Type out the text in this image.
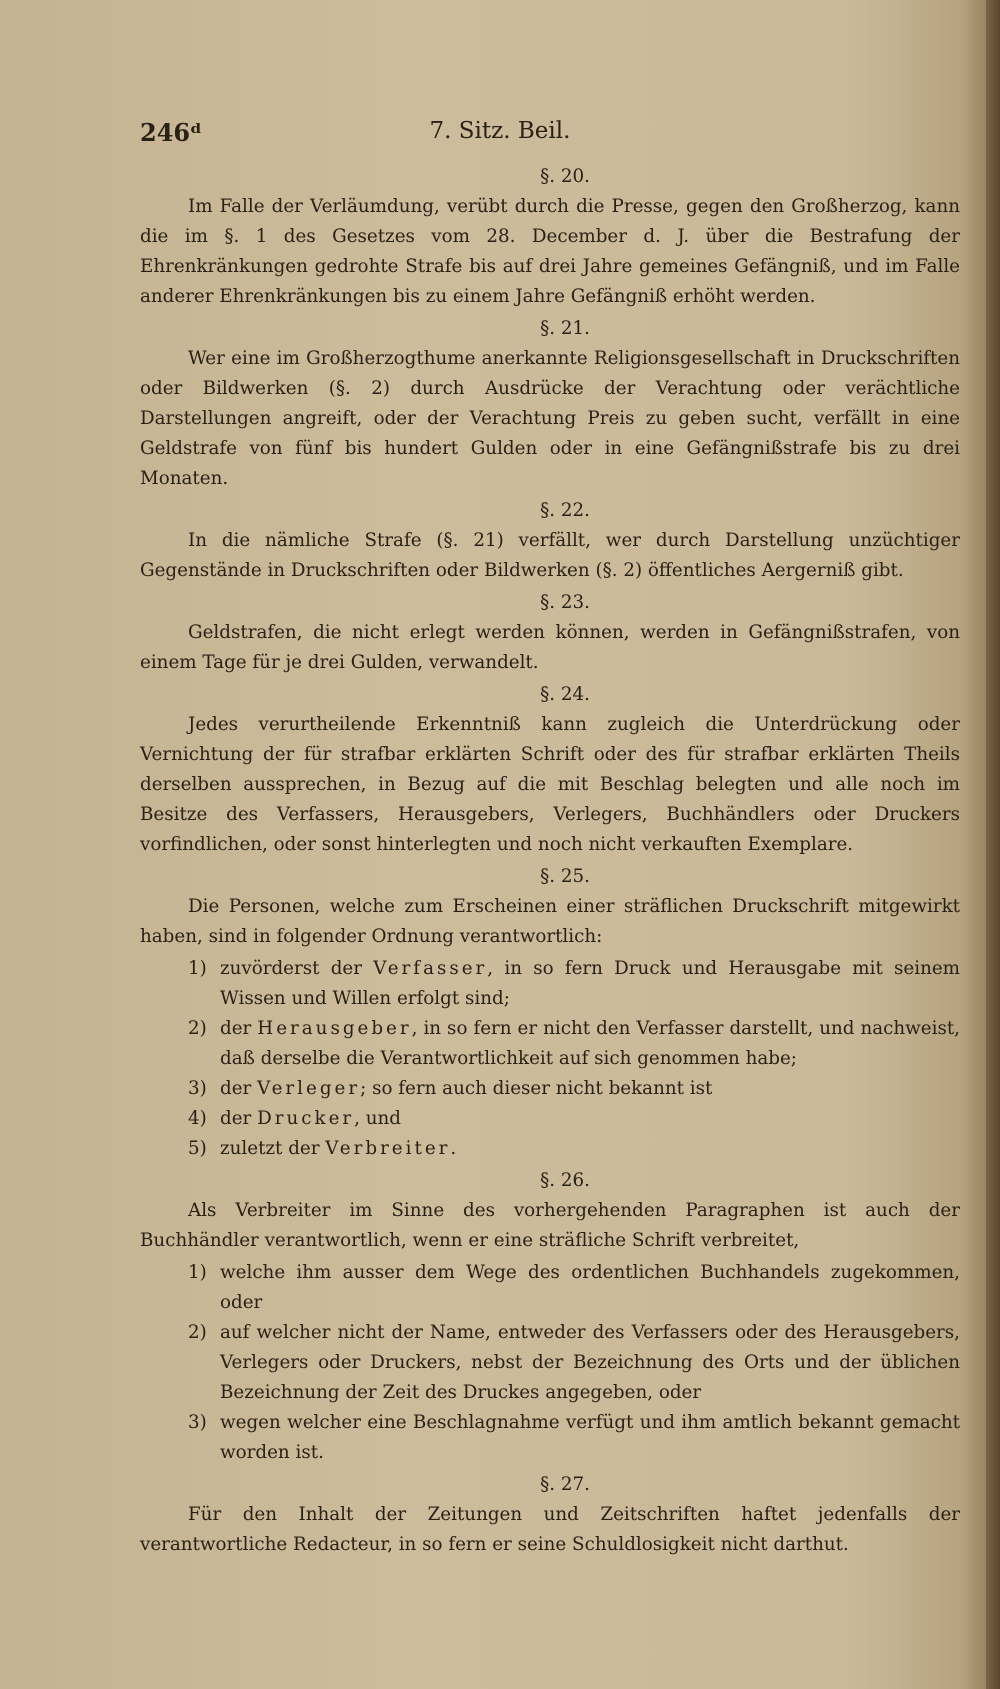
246ᵈ	7. Sitz. Beil.

§. 20.

Im Falle der Verläumdung, verübt durch die Presse, gegen den Großherzog, kann die im §. 1 des Gesetzes vom 28. December d. J. über die Bestrafung der Ehrenkränkungen gedrohte Strafe bis auf drei Jahre gemeines Gefängniß, und im Falle anderer Ehrenkränkungen bis zu einem Jahre Gefängniß erhöht werden.

§. 21.

Wer eine im Großherzogthume anerkannte Religionsgesellschaft in Druckschriften oder Bildwerken (§. 2) durch Ausdrücke der Verachtung oder verächtliche Darstellungen angreift, oder der Verachtung Preis zu geben sucht, verfällt in eine Geldstrafe von fünf bis hundert Gulden oder in eine Gefängnißstrafe bis zu drei Monaten.

§. 22.

In die nämliche Strafe (§. 21) verfällt, wer durch Darstellung unzüchtiger Gegenstände in Druckschriften oder Bildwerken (§. 2) öffentliches Aergerniß gibt.

§. 23.

Geldstrafen, die nicht erlegt werden können, werden in Gefängnißstrafen, von einem Tage für je drei Gulden, verwandelt.

§. 24.

Jedes verurtheilende Erkenntniß kann zugleich die Unterdrückung oder Vernichtung der für strafbar erklärten Schrift oder des für strafbar erklärten Theils derselben aussprechen, in Bezug auf die mit Beschlag belegten und alle noch im Besitze des Verfassers, Herausgebers, Verlegers, Buchhändlers oder Druckers vorfindlichen, oder sonst hinterlegten und noch nicht verkauften Exemplare.

§. 25.

Die Personen, welche zum Erscheinen einer sträflichen Druckschrift mitgewirkt haben, sind in folgender Ordnung verantwortlich:

1) zuvörderst der Verfasser, in so fern Druck und Herausgabe mit seinem Wissen und Willen erfolgt sind;
2) der Herausgeber, in so fern er nicht den Verfasser darstellt, und nachweist, daß derselbe die Verantwortlichkeit auf sich genommen habe;
3) der Verleger; so fern auch dieser nicht bekannt ist
4) der Drucker, und
5) zuletzt der Verbreiter.

§. 26.

Als Verbreiter im Sinne des vorhergehenden Paragraphen ist auch der Buchhändler verantwortlich, wenn er eine sträfliche Schrift verbreitet,

1) welche ihm ausser dem Wege des ordentlichen Buchhandels zugekommen, oder
2) auf welcher nicht der Name, entweder des Verfassers oder des Herausgebers, Verlegers oder Druckers, nebst der Bezeichnung des Orts und der üblichen Bezeichnung der Zeit des Druckes angegeben, oder
3) wegen welcher eine Beschlagnahme verfügt und ihm amtlich bekannt gemacht worden ist.

§. 27.

Für den Inhalt der Zeitungen und Zeitschriften haftet jedenfalls der verantwortliche Redacteur, in so fern er seine Schuldlosigkeit nicht darthut.
